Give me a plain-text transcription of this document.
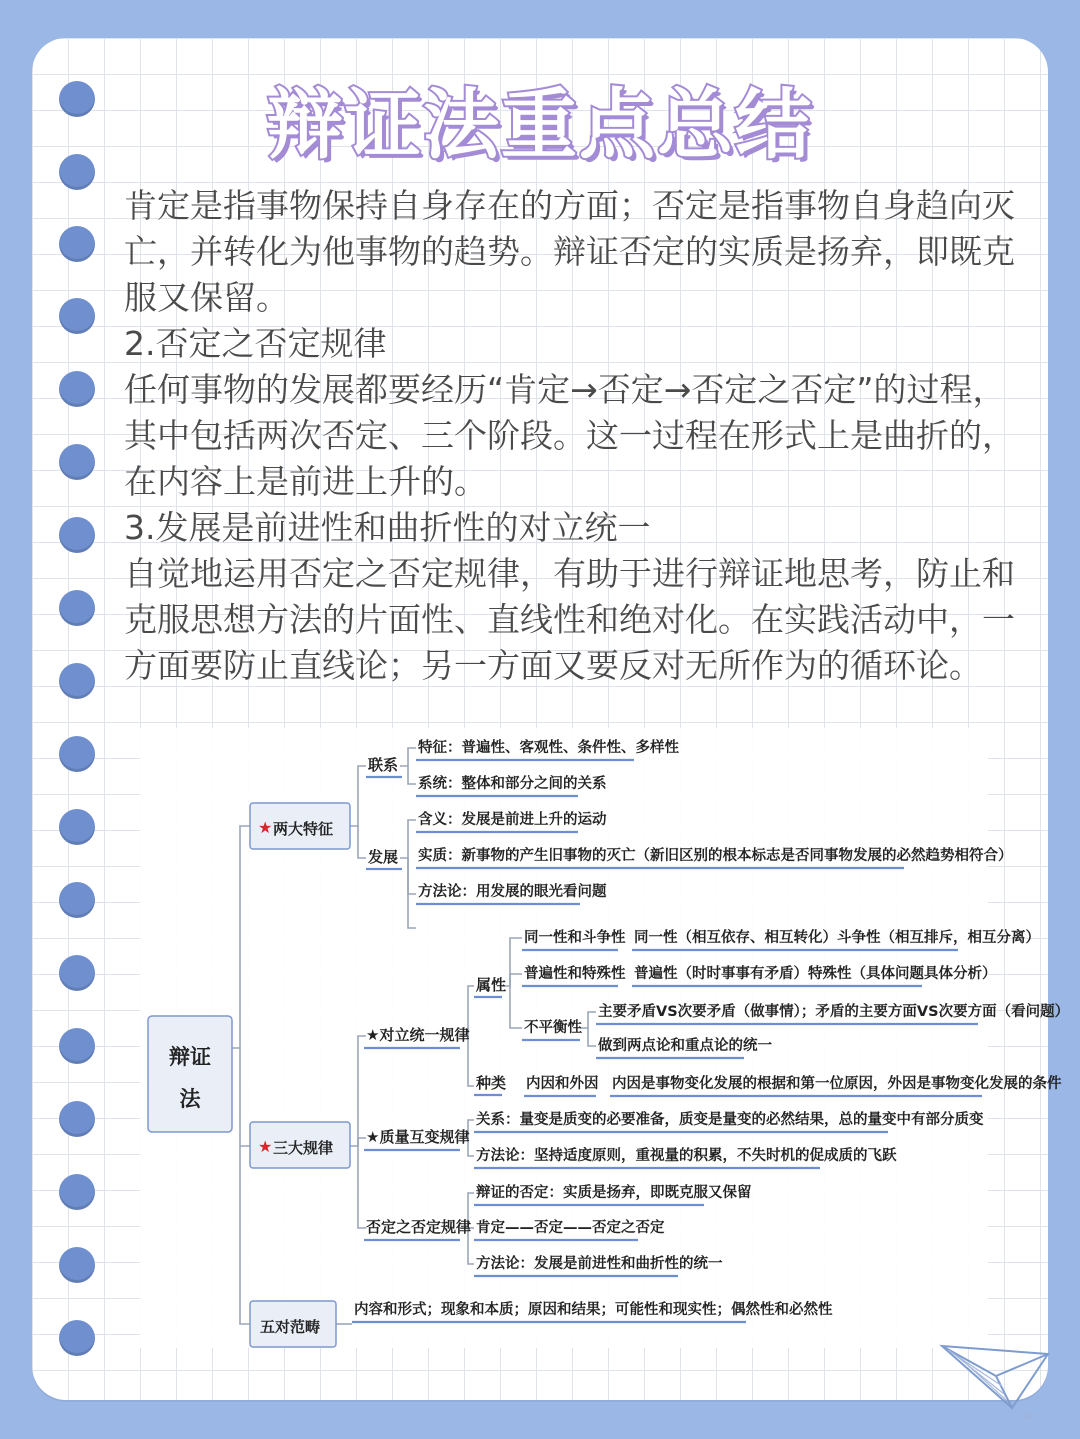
辩证法重点总结

肯定是指事物保持自身存在的方面；否定是指事物自身趋向灭亡，并转化为他事物的趋势。辩证否定的实质是扬弃，即既克服又保留。

2.否定之否定规律

任何事物的发展都要经历“肯定→否定→否定之否定”的过程，其中包括两次否定、三个阶段。这一过程在形式上是曲折的，在内容上是前进上升的。

3.发展是前进性和曲折性的对立统一

自觉地运用否定之否定规律，有助于进行辩证地思考，防止和克服思想方法的片面性、直线性和绝对化。在实践活动中，一方面要防止直线论；另一方面又要反对无所作为的循环论。

辩证
法
★ 两大特征
联系
特征：普遍性、客观性、条件性、多样性
系统：整体和部分之间的关系
发展
含义：发展是前进上升的运动
实质：新事物的产生旧事物的灭亡（新旧区别的根本标志是否同事物发展的必然趋势相符合）
方法论：用发展的眼光看问题
★ 三大规律
★对立统一规律
属性
同一性和斗争性 同一性（相互依存、相互转化）斗争性（相互排斥，相互分离）
普遍性和特殊性 普遍性（时时事事有矛盾）特殊性（具体问题具体分析）
不平衡性
主要矛盾VS次要矛盾（做事情）；矛盾的主要方面VS次要方面（看问题）
做到两点论和重点论的统一
种类 内因和外因 内因是事物变化发展的根据和第一位原因，外因是事物变化发展的条件
★质量互变规律
关系：量变是质变的必要准备，质变是量变的必然结果，总的量变中有部分质变
方法论：坚持适度原则，重视量的积累，不失时机的促成质的飞跃
否定之否定规律
辩证的否定：实质是扬弃，即既克服又保留
肯定——否定——否定之否定
方法论：发展是前进性和曲折性的统一
五对范畴
内容和形式；现象和本质；原因和结果；可能性和现实性；偶然性和必然性
